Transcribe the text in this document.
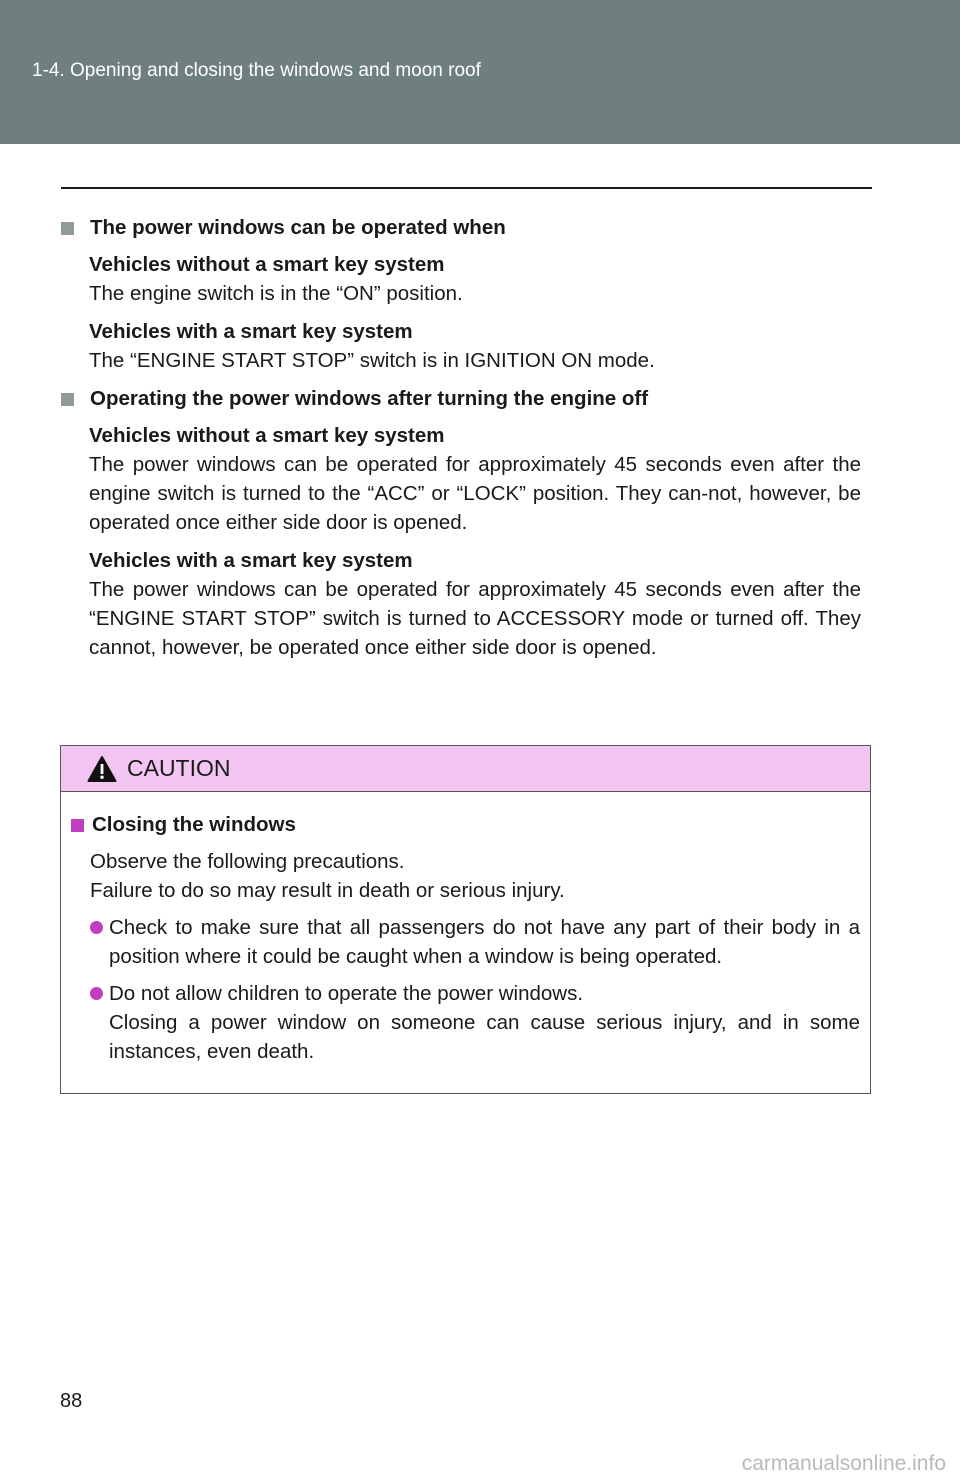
1-4. Opening and closing the windows and moon roof
The power windows can be operated when
Vehicles without a smart key system
The engine switch is in the “ON” position.
Vehicles with a smart key system
The “ENGINE START STOP” switch is in IGNITION ON mode.
Operating the power windows after turning the engine off
Vehicles without a smart key system
The power windows can be operated for approximately 45 seconds even after the engine switch is turned to the “ACC” or “LOCK” position. They can-not, however, be operated once either side door is opened.
Vehicles with a smart key system
The power windows can be operated for approximately 45 seconds even after the “ENGINE START STOP” switch is turned to ACCESSORY mode or turned off. They cannot, however, be operated once either side door is opened.
CAUTION
Closing the windows
Observe the following precautions.
Failure to do so may result in death or serious injury.
Check to make sure that all passengers do not have any part of their body in a position where it could be caught when a window is being operated.
Do not allow children to operate the power windows.
Closing a power window on someone can cause serious injury, and in some instances, even death.
88
carmanualsonline.info
